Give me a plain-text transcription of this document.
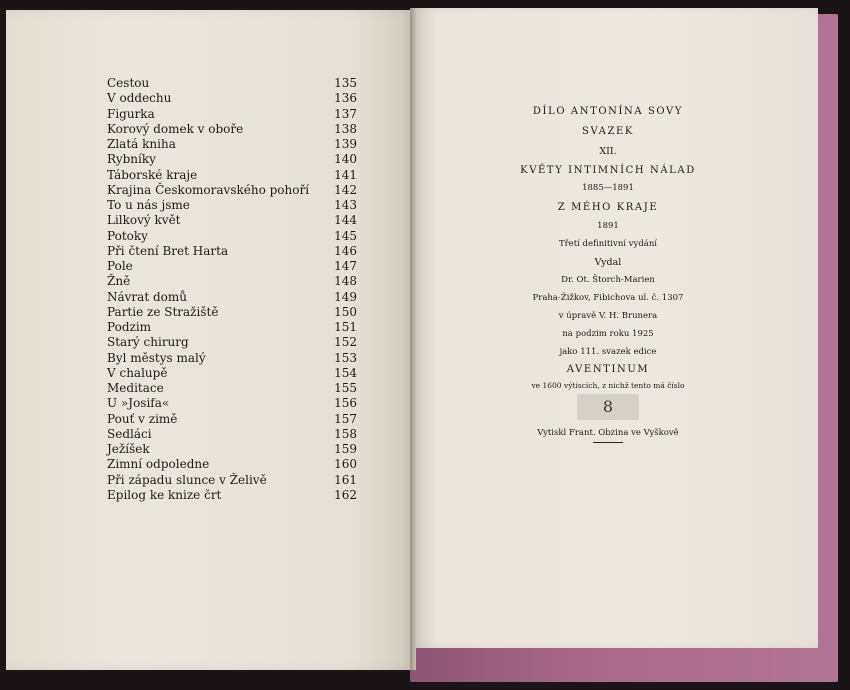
Cestou	135
V oddechu	136
Figurka	137
Korový domek v oboře	138
Zlatá kniha	139
Rybníky	140
Táborské kraje	141
Krajina Českomoravského pohoří 142
To u nás jsme	143
Lilkový květ	144
Potoky	145
Při čtení Bret Harta	146
Pole	147
Žně	148
Návrat domů	149
Partie ze Stražiště	150
Podzim	151
Starý chirurg	152
Byl městys malý	153
V chalupě	154
Meditace	155
U »Josifa«	156
Pouť v zimě	157
Sedláci	158
Ježíšek	159
Zimní odpoledne	160
Při západu slunce v Želivě	161
Epilog ke knize črt	162
DÍLO ANTONÍNA SOVY
SVAZEK
XII.
KVĚTY INTIMNÍCH NÁLAD
1885—1891
Z MÉHO KRAJE
1891
Třetí definitivní vydání
Vydal
Dr. Ot. Štorch-Marien
Praha-Žižkov, Fibichova ul. č. 1307
v úpravě V. H. Brunera
na podzim roku 1925
jako 111. svazek edice
AVENTINUM
ve 1600 výtiscích, z nichž tento má číslo
8
Vytiskl Frant. Obzina ve Vyškově
